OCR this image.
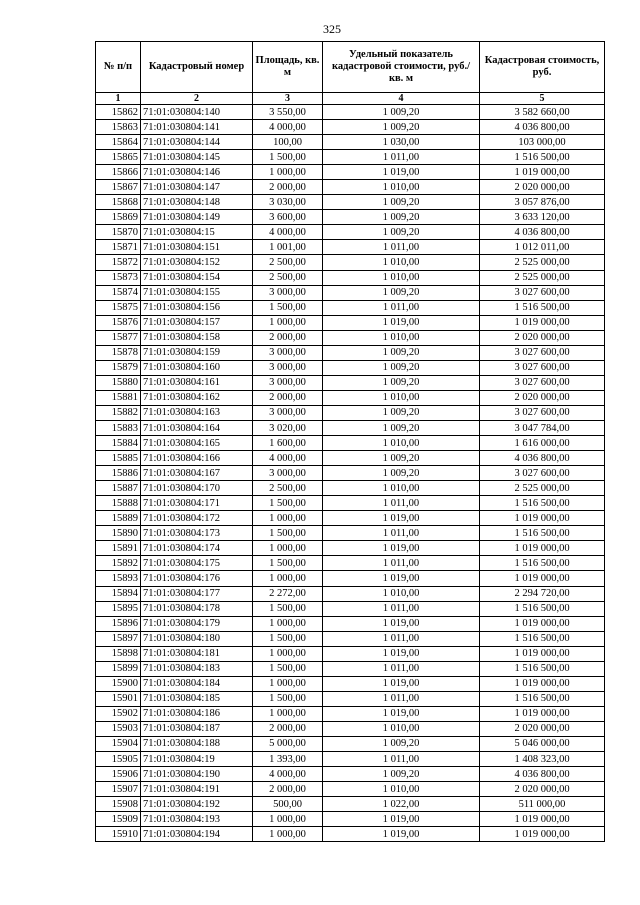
325
№ п/п	Кадастровый номер	Площадь, кв. м	Удельный показатель кадастровой стоимости, руб./кв. м	Кадастровая стоимость, руб.
1	2	3	4	5
15862	71:01:030804:140	3 550,00	1 009,20	3 582 660,00
15863	71:01:030804:141	4 000,00	1 009,20	4 036 800,00
15864	71:01:030804:144	100,00	1 030,00	103 000,00
15865	71:01:030804:145	1 500,00	1 011,00	1 516 500,00
15866	71:01:030804:146	1 000,00	1 019,00	1 019 000,00
15867	71:01:030804:147	2 000,00	1 010,00	2 020 000,00
15868	71:01:030804:148	3 030,00	1 009,20	3 057 876,00
15869	71:01:030804:149	3 600,00	1 009,20	3 633 120,00
15870	71:01:030804:15	4 000,00	1 009,20	4 036 800,00
15871	71:01:030804:151	1 001,00	1 011,00	1 012 011,00
15872	71:01:030804:152	2 500,00	1 010,00	2 525 000,00
15873	71:01:030804:154	2 500,00	1 010,00	2 525 000,00
15874	71:01:030804:155	3 000,00	1 009,20	3 027 600,00
15875	71:01:030804:156	1 500,00	1 011,00	1 516 500,00
15876	71:01:030804:157	1 000,00	1 019,00	1 019 000,00
15877	71:01:030804:158	2 000,00	1 010,00	2 020 000,00
15878	71:01:030804:159	3 000,00	1 009,20	3 027 600,00
15879	71:01:030804:160	3 000,00	1 009,20	3 027 600,00
15880	71:01:030804:161	3 000,00	1 009,20	3 027 600,00
15881	71:01:030804:162	2 000,00	1 010,00	2 020 000,00
15882	71:01:030804:163	3 000,00	1 009,20	3 027 600,00
15883	71:01:030804:164	3 020,00	1 009,20	3 047 784,00
15884	71:01:030804:165	1 600,00	1 010,00	1 616 000,00
15885	71:01:030804:166	4 000,00	1 009,20	4 036 800,00
15886	71:01:030804:167	3 000,00	1 009,20	3 027 600,00
15887	71:01:030804:170	2 500,00	1 010,00	2 525 000,00
15888	71:01:030804:171	1 500,00	1 011,00	1 516 500,00
15889	71:01:030804:172	1 000,00	1 019,00	1 019 000,00
15890	71:01:030804:173	1 500,00	1 011,00	1 516 500,00
15891	71:01:030804:174	1 000,00	1 019,00	1 019 000,00
15892	71:01:030804:175	1 500,00	1 011,00	1 516 500,00
15893	71:01:030804:176	1 000,00	1 019,00	1 019 000,00
15894	71:01:030804:177	2 272,00	1 010,00	2 294 720,00
15895	71:01:030804:178	1 500,00	1 011,00	1 516 500,00
15896	71:01:030804:179	1 000,00	1 019,00	1 019 000,00
15897	71:01:030804:180	1 500,00	1 011,00	1 516 500,00
15898	71:01:030804:181	1 000,00	1 019,00	1 019 000,00
15899	71:01:030804:183	1 500,00	1 011,00	1 516 500,00
15900	71:01:030804:184	1 000,00	1 019,00	1 019 000,00
15901	71:01:030804:185	1 500,00	1 011,00	1 516 500,00
15902	71:01:030804:186	1 000,00	1 019,00	1 019 000,00
15903	71:01:030804:187	2 000,00	1 010,00	2 020 000,00
15904	71:01:030804:188	5 000,00	1 009,20	5 046 000,00
15905	71:01:030804:19	1 393,00	1 011,00	1 408 323,00
15906	71:01:030804:190	4 000,00	1 009,20	4 036 800,00
15907	71:01:030804:191	2 000,00	1 010,00	2 020 000,00
15908	71:01:030804:192	500,00	1 022,00	511 000,00
15909	71:01:030804:193	1 000,00	1 019,00	1 019 000,00
15910	71:01:030804:194	1 000,00	1 019,00	1 019 000,00
